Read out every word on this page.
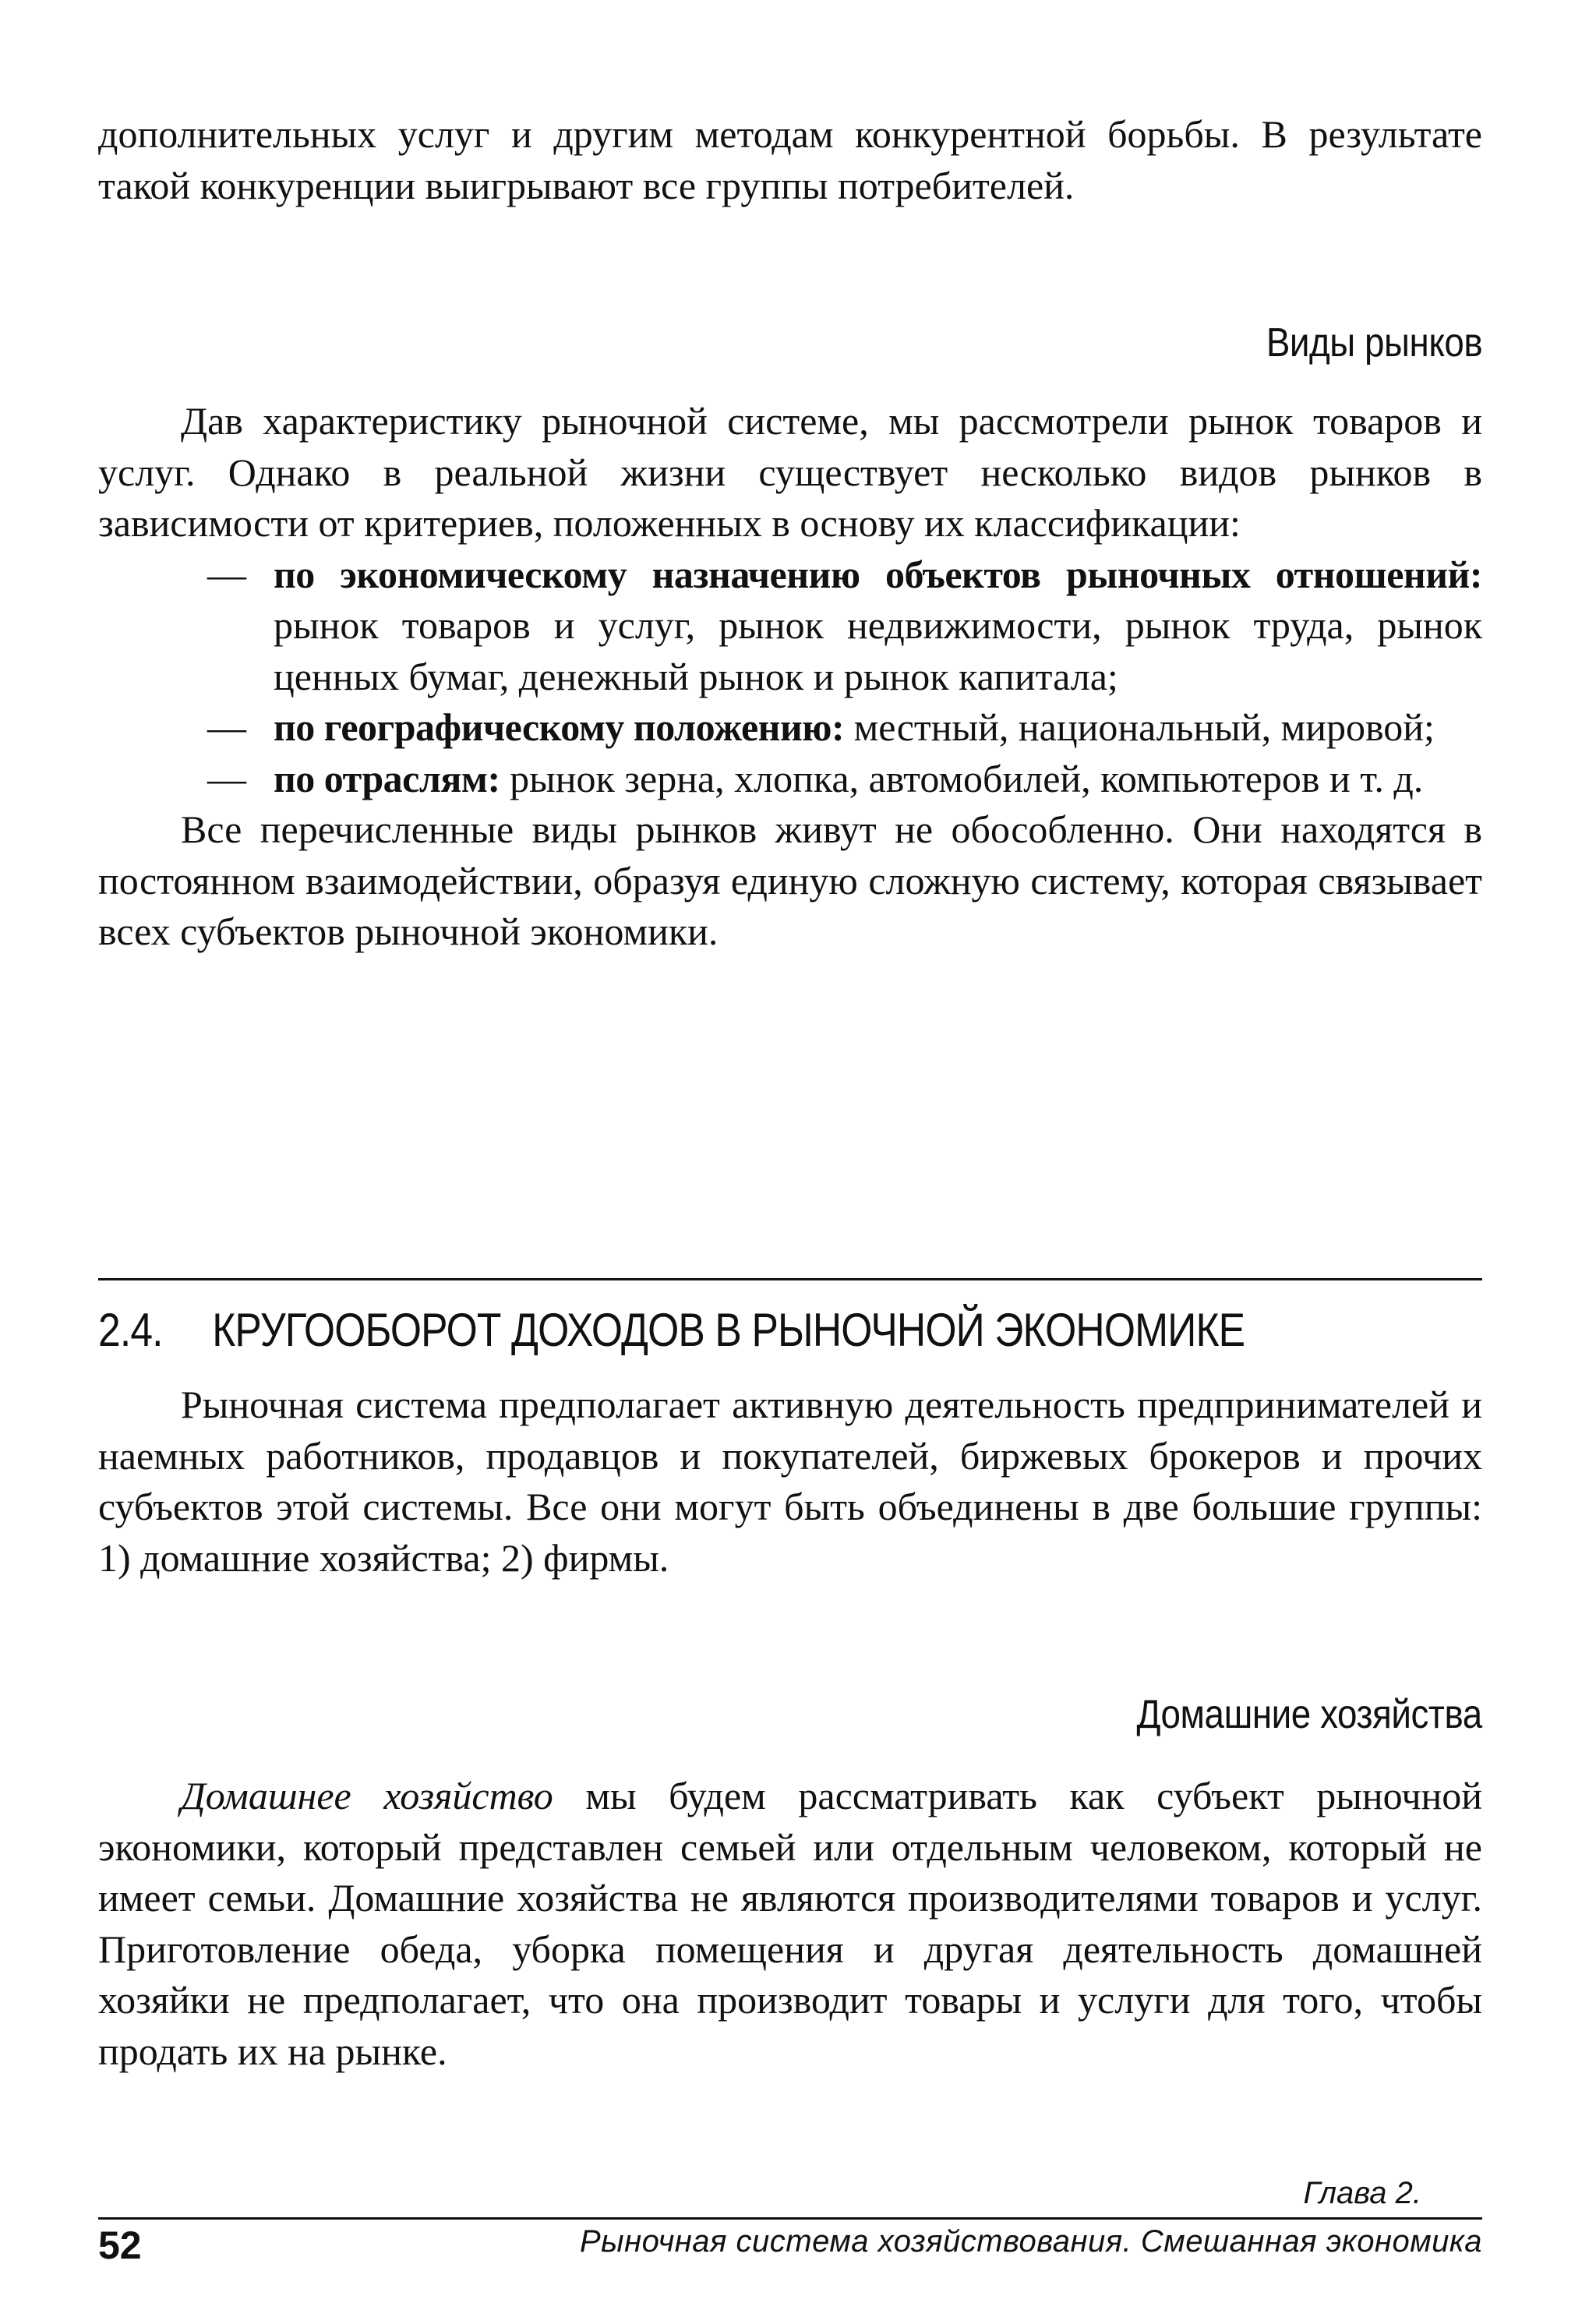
дополнительных услуг и другим методам конкурентной борьбы. В результате такой конкуренции выигрывают все группы потребителей.

Виды рынков

Дав характеристику рыночной системе, мы рассмотрели рынок товаров и услуг. Однако в реальной жизни существует несколько видов рынков в зависимости от критериев, положенных в основу их классификации:

— по экономическому назначению объектов рыночных отношений: рынок товаров и услуг, рынок недвижимости, рынок труда, рынок ценных бумаг, денежный рынок и рынок капитала;
— по географическому положению: местный, национальный, мировой;
— по отраслям: рынок зерна, хлопка, автомобилей, компьютеров и т. д.

Все перечисленные виды рынков живут не обособленно. Они находятся в постоянном взаимодействии, образуя единую сложную систему, которая связывает всех субъектов рыночной экономики.

2.4. КРУГООБОРОТ ДОХОДОВ В РЫНОЧНОЙ ЭКОНОМИКЕ

Рыночная система предполагает активную деятельность предпринимателей и наемных работников, продавцов и покупателей, биржевых брокеров и прочих субъектов этой системы. Все они могут быть объединены в две большие группы: 1) домашние хозяйства; 2) фирмы.

Домашние хозяйства

Домашнее хозяйство мы будем рассматривать как субъект рыночной экономики, который представлен семьей или отдельным человеком, который не имеет семьи. Домашние хозяйства не являются производителями товаров и услуг. Приготовление обеда, уборка помещения и другая деятельность домашней хозяйки не предполагает, что она производит товары и услуги для того, чтобы продать их на рынке.

Глава 2.

52	Рыночная система хозяйствования. Смешанная экономика
